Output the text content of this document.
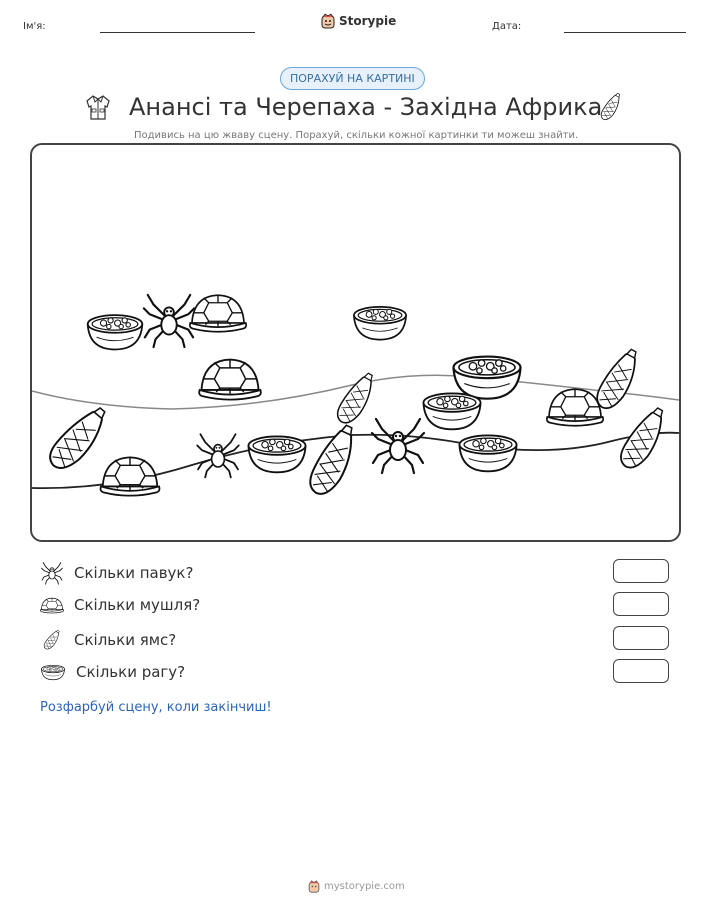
Ім'я:	Storypie	Дата:
ПОРАХУЙ НА КАРТИНІ
Анансі та Черепаха - Західна Африка
Подивись на цю жваву сцену. Порахуй, скільки кожної картинки ти можеш знайти.
Скільки павук?
Скільки мушля?
Скільки ямс?
Скільки рагу?
Розфарбуй сцену, коли закінчиш!
mystorypie.com
